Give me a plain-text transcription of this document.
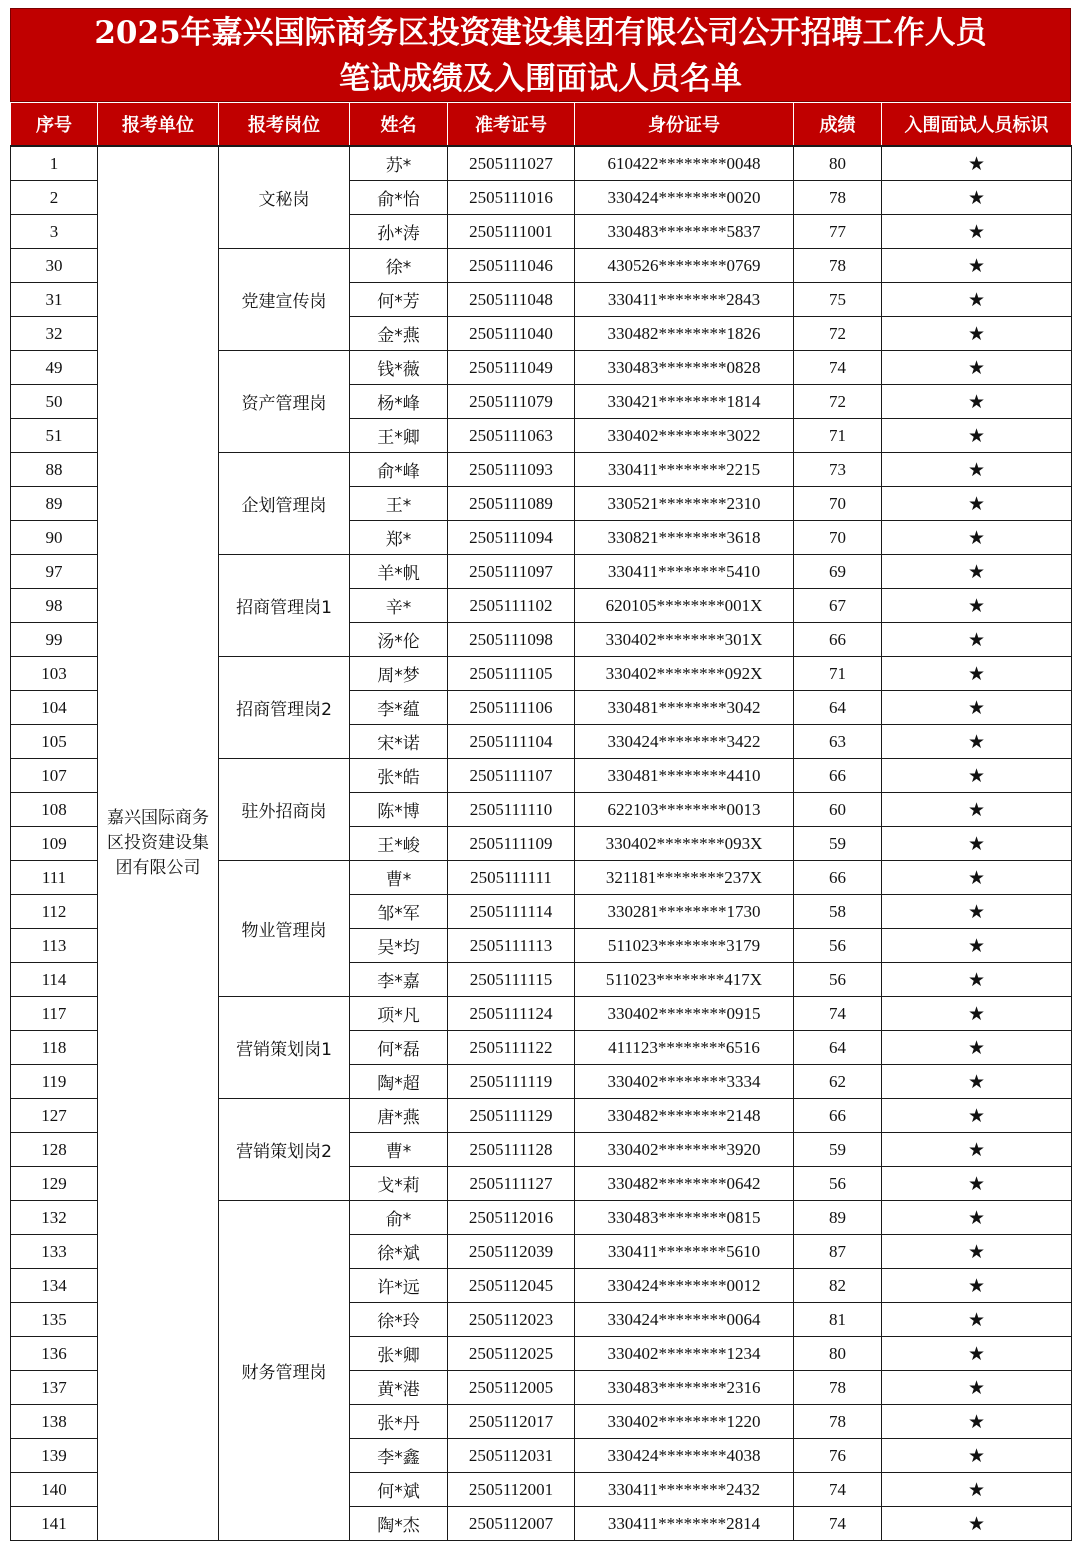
2025年嘉兴国际商务区投资建设集团有限公司公开招聘工作人员
笔试成绩及入围面试人员名单
序号	报考单位	报考岗位	姓名	准考证号	身份证号	成绩	入围面试人员标识
1	嘉兴国际商务区投资建设集团有限公司	文秘岗	苏*	2505111027	610422********0048	80	★
2			俞*怡	2505111016	330424********0020	78	★
3			孙*涛	2505111001	330483********5837	77	★
30		党建宣传岗	徐*	2505111046	430526********0769	78	★
31			何*芳	2505111048	330411********2843	75	★
32			金*燕	2505111040	330482********1826	72	★
49		资产管理岗	钱*薇	2505111049	330483********0828	74	★
50			杨*峰	2505111079	330421********1814	72	★
51			王*卿	2505111063	330402********3022	71	★
88		企划管理岗	俞*峰	2505111093	330411********2215	73	★
89			王*	2505111089	330521********2310	70	★
90			郑*	2505111094	330821********3618	70	★
97		招商管理岗1	羊*帆	2505111097	330411********5410	69	★
98			辛*	2505111102	620105********001X	67	★
99			汤*伦	2505111098	330402********301X	66	★
103		招商管理岗2	周*梦	2505111105	330402********092X	71	★
104			李*蕴	2505111106	330481********3042	64	★
105			宋*诺	2505111104	330424********3422	63	★
107		驻外招商岗	张*皓	2505111107	330481********4410	66	★
108			陈*博	2505111110	622103********0013	60	★
109			王*峻	2505111109	330402********093X	59	★
111		物业管理岗	曹*	2505111111	321181********237X	66	★
112			邹*军	2505111114	330281********1730	58	★
113			吴*均	2505111113	511023********3179	56	★
114			李*嘉	2505111115	511023********417X	56	★
117		营销策划岗1	项*凡	2505111124	330402********0915	74	★
118			何*磊	2505111122	411123********6516	64	★
119			陶*超	2505111119	330402********3334	62	★
127		营销策划岗2	唐*燕	2505111129	330482********2148	66	★
128			曹*	2505111128	330402********3920	59	★
129			戈*莉	2505111127	330482********0642	56	★
132		财务管理岗	俞*	2505112016	330483********0815	89	★
133			徐*斌	2505112039	330411********5610	87	★
134			许*远	2505112045	330424********0012	82	★
135			徐*玲	2505112023	330424********0064	81	★
136			张*卿	2505112025	330402********1234	80	★
137			黄*港	2505112005	330483********2316	78	★
138			张*丹	2505112017	330402********1220	78	★
139			李*鑫	2505112031	330424********4038	76	★
140			何*斌	2505112001	330411********2432	74	★
141			陶*杰	2505112007	330411********2814	74	★
